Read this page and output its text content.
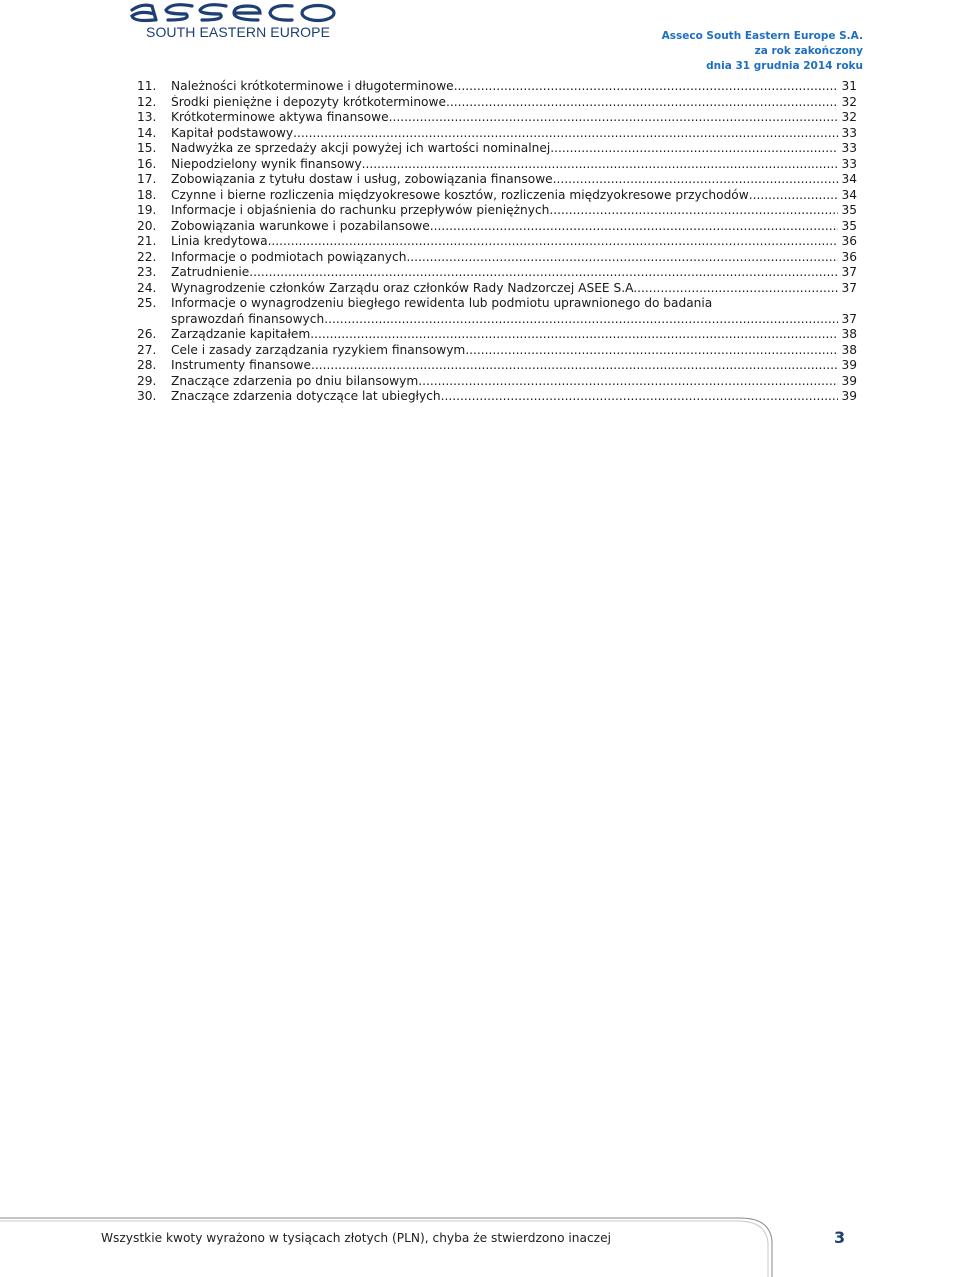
SOUTH EASTERN EUROPE	Asseco South Eastern Europe S.A.
za rok zakończony
dnia 31 grudnia 2014 roku
11. Należności krótkoterminowe i długoterminowe .....	31
12. Środki pieniężne i depozyty krótkoterminowe .....	32
13. Krótkoterminowe aktywa finansowe .....	32
14. Kapitał podstawowy .....	33
15. Nadwyżka ze sprzedaży akcji powyżej ich wartości nominalnej .....	33
16. Niepodzielony wynik finansowy .....	33
17. Zobowiązania z tytułu dostaw i usług, zobowiązania finansowe .....	34
18. Czynne i bierne rozliczenia międzyokresowe kosztów, rozliczenia międzyokresowe przychodów .....	34
19. Informacje i objaśnienia do rachunku przepływów pieniężnych .....	35
20. Zobowiązania warunkowe i pozabilansowe .....	35
21. Linia kredytowa .....	36
22. Informacje o podmiotach powiązanych .....	36
23. Zatrudnienie .....	37
24. Wynagrodzenie członków Zarządu oraz członków Rady Nadzorczej ASEE S.A. .....	37
25. Informacje o wynagrodzeniu biegłego rewidenta lub podmiotu uprawnionego do badania
sprawozdań finansowych .....	37
26. Zarządzanie kapitałem .....	38
27. Cele i zasady zarządzania ryzykiem finansowym .....	38
28. Instrumenty finansowe .....	39
29. Znaczące zdarzenia po dniu bilansowym .....	39
30. Znaczące zdarzenia dotyczące lat ubiegłych .....	39
Wszystkie kwoty wyrażono w tysiącach złotych (PLN), chyba że stwierdzono inaczej	3
